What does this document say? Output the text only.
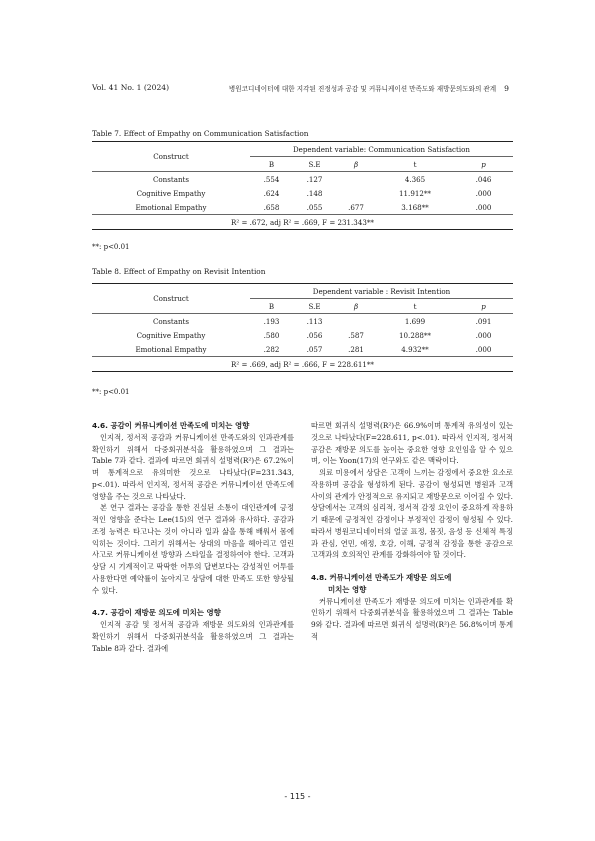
Vol. 41 No. 1 (2024)	병원코디네이터에 대한 지각된 진정성과 공감 및 커뮤니케이션 만족도와 재방문의도와의 관계 9
Table 7. Effect of Empathy on Communication Satisfaction
Construct	Dependent variable: Communication Satisfaction				
	B	S.E	β	t	p
Constants	.554	.127		4.365	.046
Cognitive Empathy	.624	.148		11.912**	.000
Emotional Empathy	.658	.055	.677	3.168**	.000
R² = .672, adj R² = .669, F = 231.343**					
**: p<0.01
Table 8. Effect of Empathy on Revisit Intention
Construct	Dependent variable : Revisit Intention				
	B	S.E	β	t	p
Constants	.193	.113		1.699	.091
Cognitive Empathy	.580	.056	.587	10.288**	.000
Emotional Empathy	.282	.057	.281	4.932**	.000
R² = .669, adj R² = .666, F = 228.611**					
**: p<0.01
4.6. 공감이 커뮤니케이션 만족도에 미치는 영향

인지적, 정서적 공감과 커뮤니케이션 만족도와의 인과관계를 확인하기 위해서 다중회귀분석을 활용하였으며 그 결과는 Table 7과 같다. 결과에 따르면 회귀식 설명력(R²)은 67.2%이며 통계적으로 유의미한 것으로 나타났다(F=231.343, p<.01). 따라서 인지적, 정서적 공감은 커뮤니케이션 만족도에 영향을 주는 것으로 나타났다.

본 연구 결과는 공감을 통한 진실된 소통이 대인관계에 긍정적인 영향을 준다는 Lee(15)의 연구 결과와 유사하다. 공감과 조정 능력은 타고나는 것이 아니라 일과 삶을 통해 배워서 몸에 익히는 것이다. 그러기 위해서는 상대의 마음을 헤아리고 열린 사고로 커뮤니케이션 방향과 스타일을 결정하여야 한다. 고객과 상담 시 기계적이고 딱딱한 어투의 답변보다는 감성적인 어투를 사용한다면 예약률이 높아지고 상담에 대한 만족도 또한 향상될 수 있다.

4.7. 공감이 재방문 의도에 미치는 영향

인지적 공감 및 정서적 공감과 재방문 의도와의 인과관계를 확인하기 위해서 다중회귀분석을 활용하였으며 그 결과는 Table 8과 같다. 결과에

따르면 회귀식 설명력(R²)은 66.9%이며 통계적 유의성이 있는 것으로 나타났다(F=228.611, p<.01). 따라서 인지적, 정서적 공감은 재방문 의도를 높이는 중요한 영향 요인임을 알 수 있으며, 이는 Yoon(17)의 연구와도 같은 맥락이다.

의료 미용에서 상담은 고객이 느끼는 감정에서 중요한 요소로 작용하며 공감을 형성하게 된다. 공감이 형성되면 병원과 고객 사이의 관계가 안정적으로 유지되고 재방문으로 이어질 수 있다. 상담에서는 고객의 심리적, 정서적 감정 요인이 중요하게 작용하기 때문에 긍정적인 감정이나 부정적인 감정이 형성될 수 있다. 따라서 병원코디네이터의 얼굴 표정, 몸짓, 음성 등 신체적 특징과 관심, 연민, 애정, 호감, 이해, 긍정적 감정을 통한 공감으로 고객과의 호의적인 관계를 강화하여야 할 것이다.

4.8. 커뮤니케이션 만족도가 재방문 의도에
미치는 영향

커뮤니케이션 만족도가 재방문 의도에 미치는 인과관계를 확인하기 위해서 다중회귀분석을 활용하였으며 그 결과는 Table 9와 같다. 결과에 따르면 회귀식 설명력(R²)은 56.8%이며 통계적

- 115 -
